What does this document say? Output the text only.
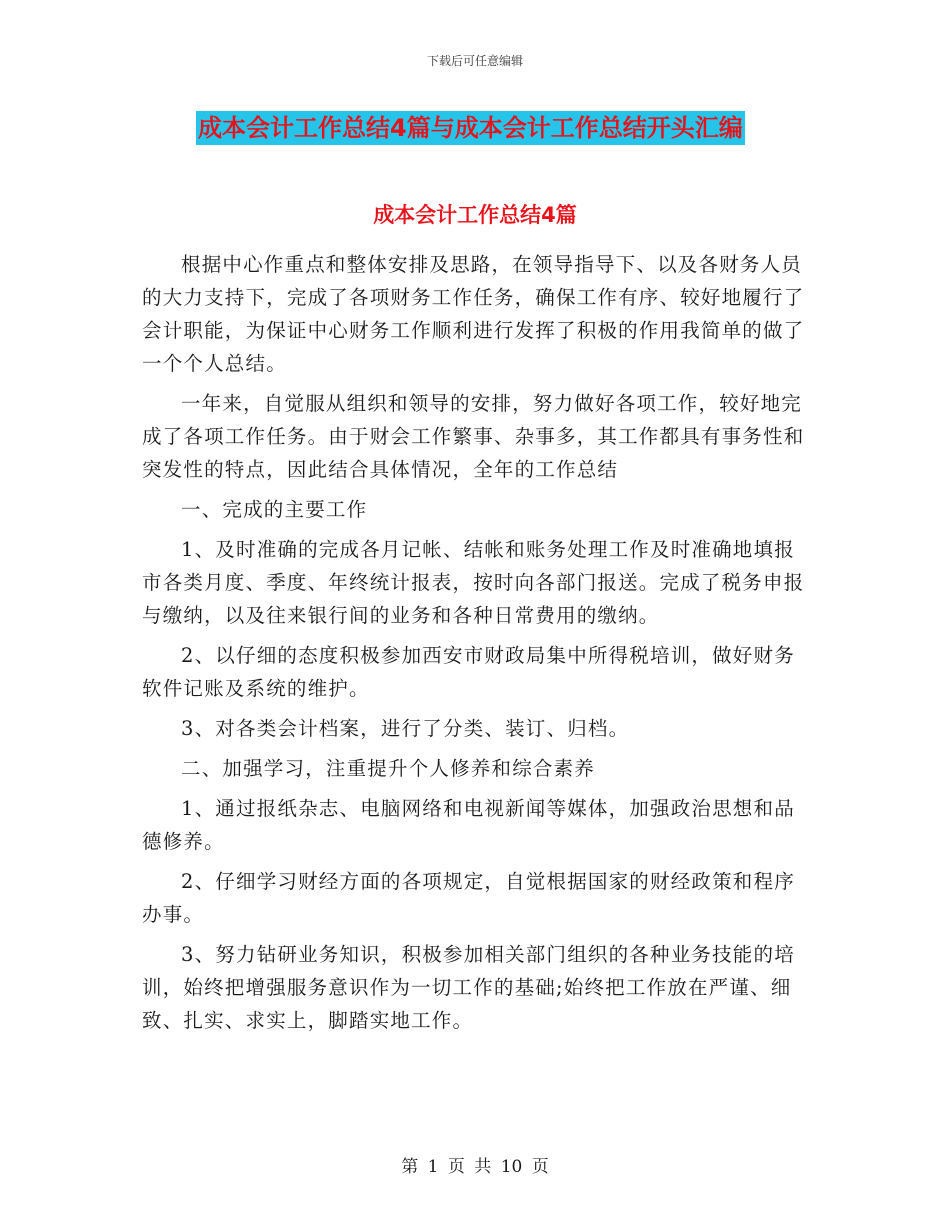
下载后可任意编辑
成本会计工作总结4篇与成本会计工作总结开头汇编
成本会计工作总结4篇

根据中心作重点和整体安排及思路，在领导指导下、以及各财务人员的大力支持下，完成了各项财务工作任务，确保工作有序、较好地履行了会计职能，为保证中心财务工作顺利进行发挥了积极的作用我简单的做了一个个人总结。

一年来，自觉服从组织和领导的安排，努力做好各项工作，较好地完成了各项工作任务。由于财会工作繁事、杂事多，其工作都具有事务性和突发性的特点，因此结合具体情况，全年的工作总结

一、完成的主要工作

1、及时准确的完成各月记帐、结帐和账务处理工作及时准确地填报市各类月度、季度、年终统计报表，按时向各部门报送。完成了税务申报与缴纳，以及往来银行间的业务和各种日常费用的缴纳。

2、以仔细的态度积极参加西安市财政局集中所得税培训，做好财务软件记账及系统的维护。

3、对各类会计档案，进行了分类、装订、归档。

二、加强学习，注重提升个人修养和综合素养

1、通过报纸杂志、电脑网络和电视新闻等媒体，加强政治思想和品德修养。

2、仔细学习财经方面的各项规定，自觉根据国家的财经政策和程序办事。

3、努力钻研业务知识，积极参加相关部门组织的各种业务技能的培训，始终把增强服务意识作为一切工作的基础;始终把工作放在严谨、细致、扎实、求实上，脚踏实地工作。

第 1 页 共 10 页
